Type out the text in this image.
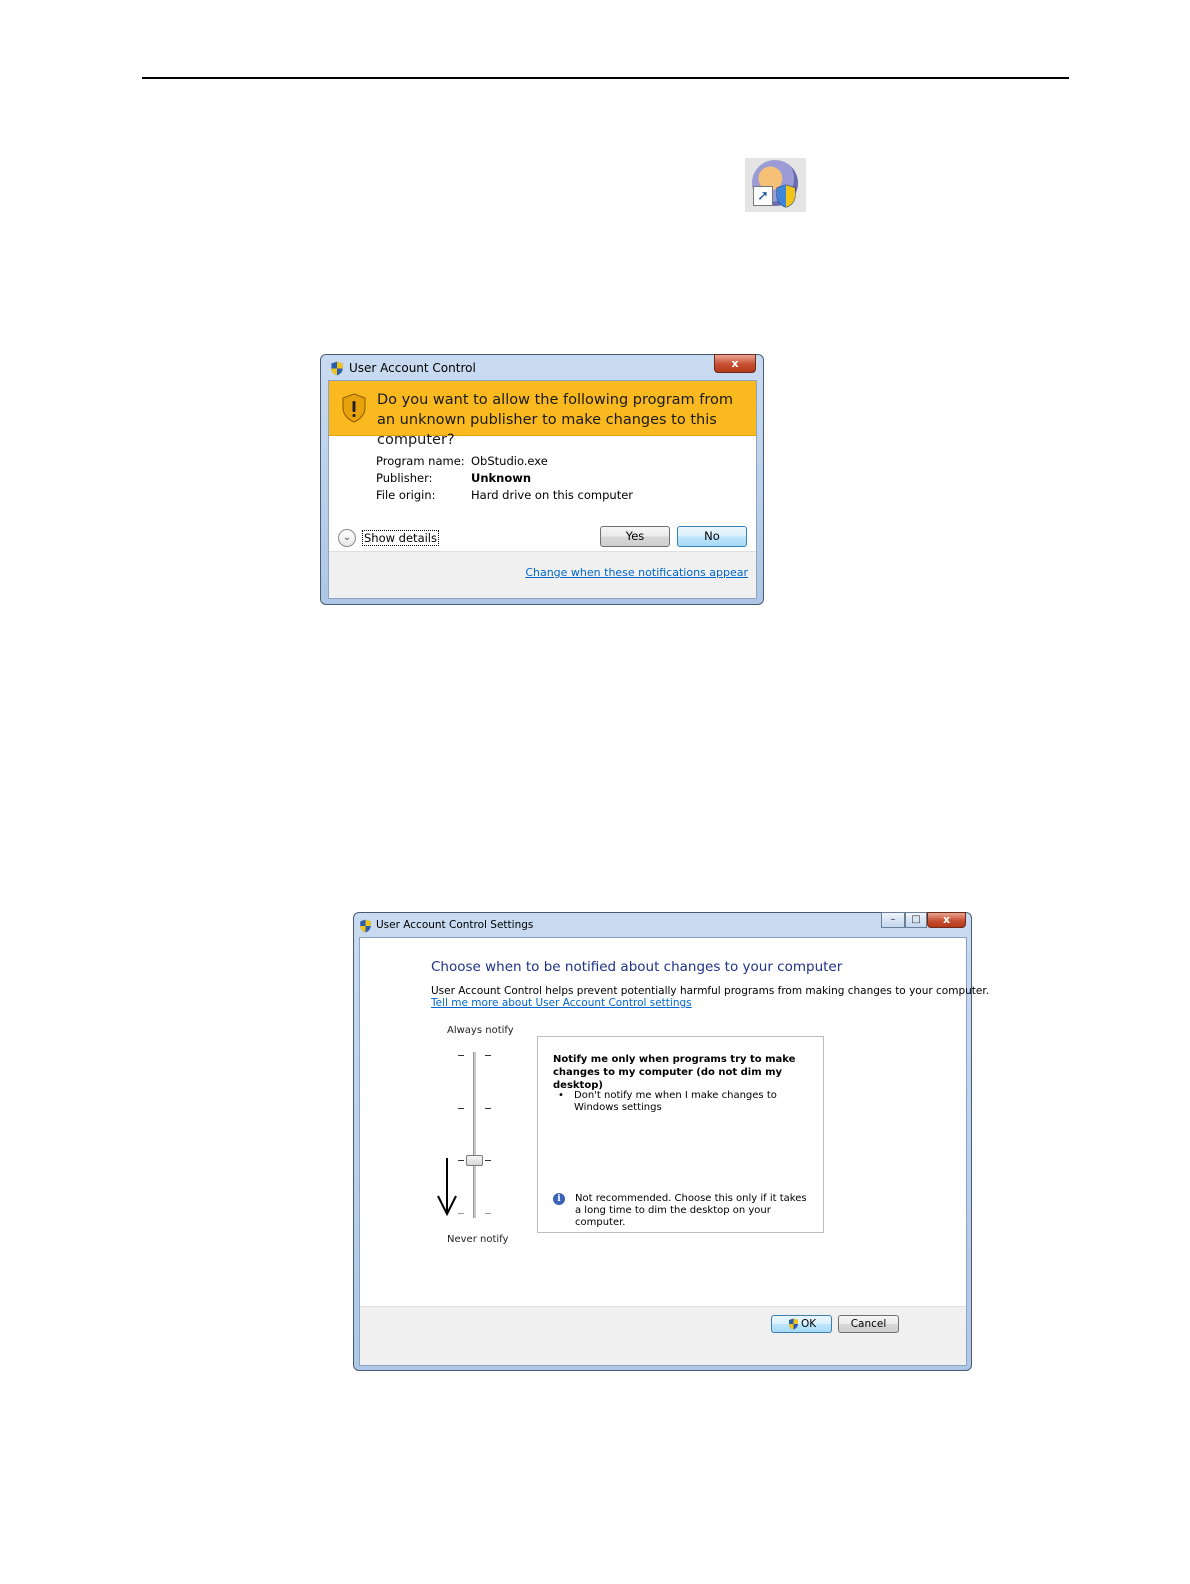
➚
User Account Control	x
Do you want to allow the following program from an unknown publisher to make changes to this computer?
Program name: ObStudio.exe
Publisher:	Unknown
File origin:	Hard drive on this computer
⌄	Show details	Yes	No
Change when these notifications appear
User Account Control Settings	–	□	x
Choose when to be notified about changes to your computer
User Account Control helps prevent potentially harmful programs from making changes to your computer.
Tell me more about User Account Control settings
Always notify
Never notify
Notify me only when programs try to make changes to my computer (do not dim my desktop)
• Don't notify me when I make changes to Windows settings
i	Not recommended. Choose this only if it takes a long time to dim the desktop on your computer.
OK	Cancel
